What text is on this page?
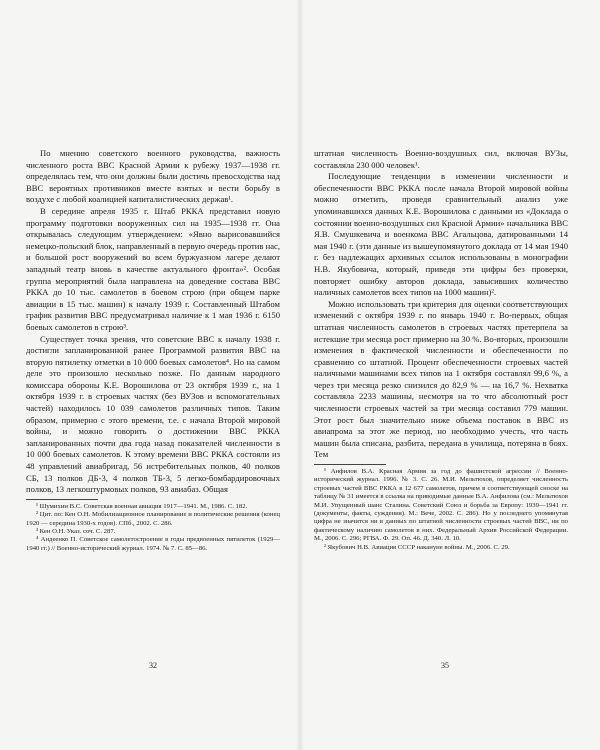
По мнению советского военного руководства, важность численного роста ВВС Красной Армии к рубежу 1937—1938 гг. определялась тем, что они должны были достичь превосходства над ВВС вероятных противников вместе взятых и вести борьбу в воздухе с любой коалицией капиталистических держав¹.

В середине апреля 1935 г. Штаб РККА представил новую программу подготовки вооруженных сил на 1935—1938 гг. Она открывалась следующим утверждением: «Явно вырисовавшийся немецко-польский блок, направленный в первую очередь против нас, и большой рост вооружений во всем буржуазном лагере делают западный театр вновь в качестве актуального фронта»². Особая группа мероприятий была направлена на доведение состава ВВС РККА до 10 тыс. самолетов в боевом строю (при общем парке авиации в 15 тыс. машин) к началу 1939 г. Составленный Штабом график развития ВВС предусматривал наличие к 1 мая 1936 г. 6150 боевых самолетов в строю³.

Существует точка зрения, что советские ВВС к началу 1938 г. достигли запланированной ранее Программой развития ВВС на вторую пятилетку отметки в 10 000 боевых самолетов⁴. Но на самом деле это произошло несколько позже. По данным народного комиссара обороны К.Е. Ворошилова от 23 октября 1939 г., на 1 октября 1939 г. в строевых частях (без ВУЗов и вспомогательных частей) находилось 10 039 самолетов различных типов. Таким образом, примерно с этого времени, т.е. с начала Второй мировой войны, и можно говорить о достижении ВВС РККА запланированных почти два года назад показателей численности в 10 000 боевых самолетов. К этому времени ВВС РККА состояли из 48 управлений авиабригад, 56 истребительных полков, 40 полков СБ, 13 полков ДБ-3, 4 полков ТБ-3, 5 легко-бомбардировочных полков, 13 легкоштурмовых полков, 93 авиабаз. Общая

¹ Шумихин В.С. Советская военная авиация 1917—1941. М., 1986. С. 182.

² Цит. по: Кен О.Н. Мобилизационное планирование и политические решения (конец 1920 — середина 1930-х годов). СПб., 2002. С. 286.

³ Кен О.Н. Указ. соч. С. 287.

⁴ Андеенко П. Советское самолетостроение в годы предвоенных пятилеток (1929—1940 гг.) // Военно-исторический журнал. 1974. № 7. С. 85—86.

32

штатная численность Военно-воздушных сил, включая ВУЗы, составляла 230 000 человек¹.

Последующие тенденции в изменении численности и обеспеченности ВВС РККА после начала Второй мировой войны можно отметить, проведя сравнительный анализ уже упоминавшихся данных К.Е. Ворошилова с данными из «Доклада о состоянии военно-воздушных сил Красной Армии» начальника ВВС Я.В. Смушкевича и военкома ВВС Агальцова, датированными 14 мая 1940 г. (эти данные из вышеупомянутого доклада от 14 мая 1940 г. без надлежащих архивных ссылок использованы в монографии Н.В. Якубовича, который, приведя эти цифры без проверки, повторяет ошибку авторов доклада, завысивших количество наличных самолетов всех типов на 1000 машин)².

Можно использовать три критерия для оценки соответствующих изменений с октября 1939 г. по январь 1940 г. Во-первых, общая штатная численность самолетов в строевых частях претерпела за истекшие три месяца рост примерно на 30 %. Во-вторых, произошли изменения в фактической численности и обеспеченности по сравнению со штатной. Процент обеспеченности строевых частей наличными машинами всех типов на 1 октября составлял 99,6 %, а через три месяца резко снизился до 82,9 % — на 16,7 %. Нехватка составляла 2233 машины, несмотря на то что абсолютный рост численности строевых частей за три месяца составил 779 машин. Этот рост был значительно ниже объема поставок в ВВС из авиапрома за этот же период, но необходимо учесть, что часть машин была списана, разбита, передана в училища, потеряна в боях. Тем

¹ Анфилов В.А. Красная Армия за год до фашистской агрессии // Военно-исторический журнал. 1996. № 3. С. 26. М.И. Мельтюхов, определяет численность строевых частей ВВС РККА в 12 677 самолетов, причем в соответствующей сноске на таблицу № 31 имеется в ссылка на приводимые данные В.А. Анфилова (см.: Мельтюхов М.И. Упущенный шанс Сталина. Советский Союз и борьба за Европу: 1939—1941 гг. (документы, факты, суждения). М.: Вече, 2002. С. 286). Но у последнего упомянутая цифра не значится ни в данных по штатной численности строевых частей ВВС, ни по фактическому наличию самолетов в них. Федеральный Архив Российской Федерации. М., 2006. С. 296; РГВА. Ф. 29. Оп. 46. Д. 340. Л. 10.

² Якубович Н.В. Авиация СССР накануне войны. М., 2006. С. 29.

35
